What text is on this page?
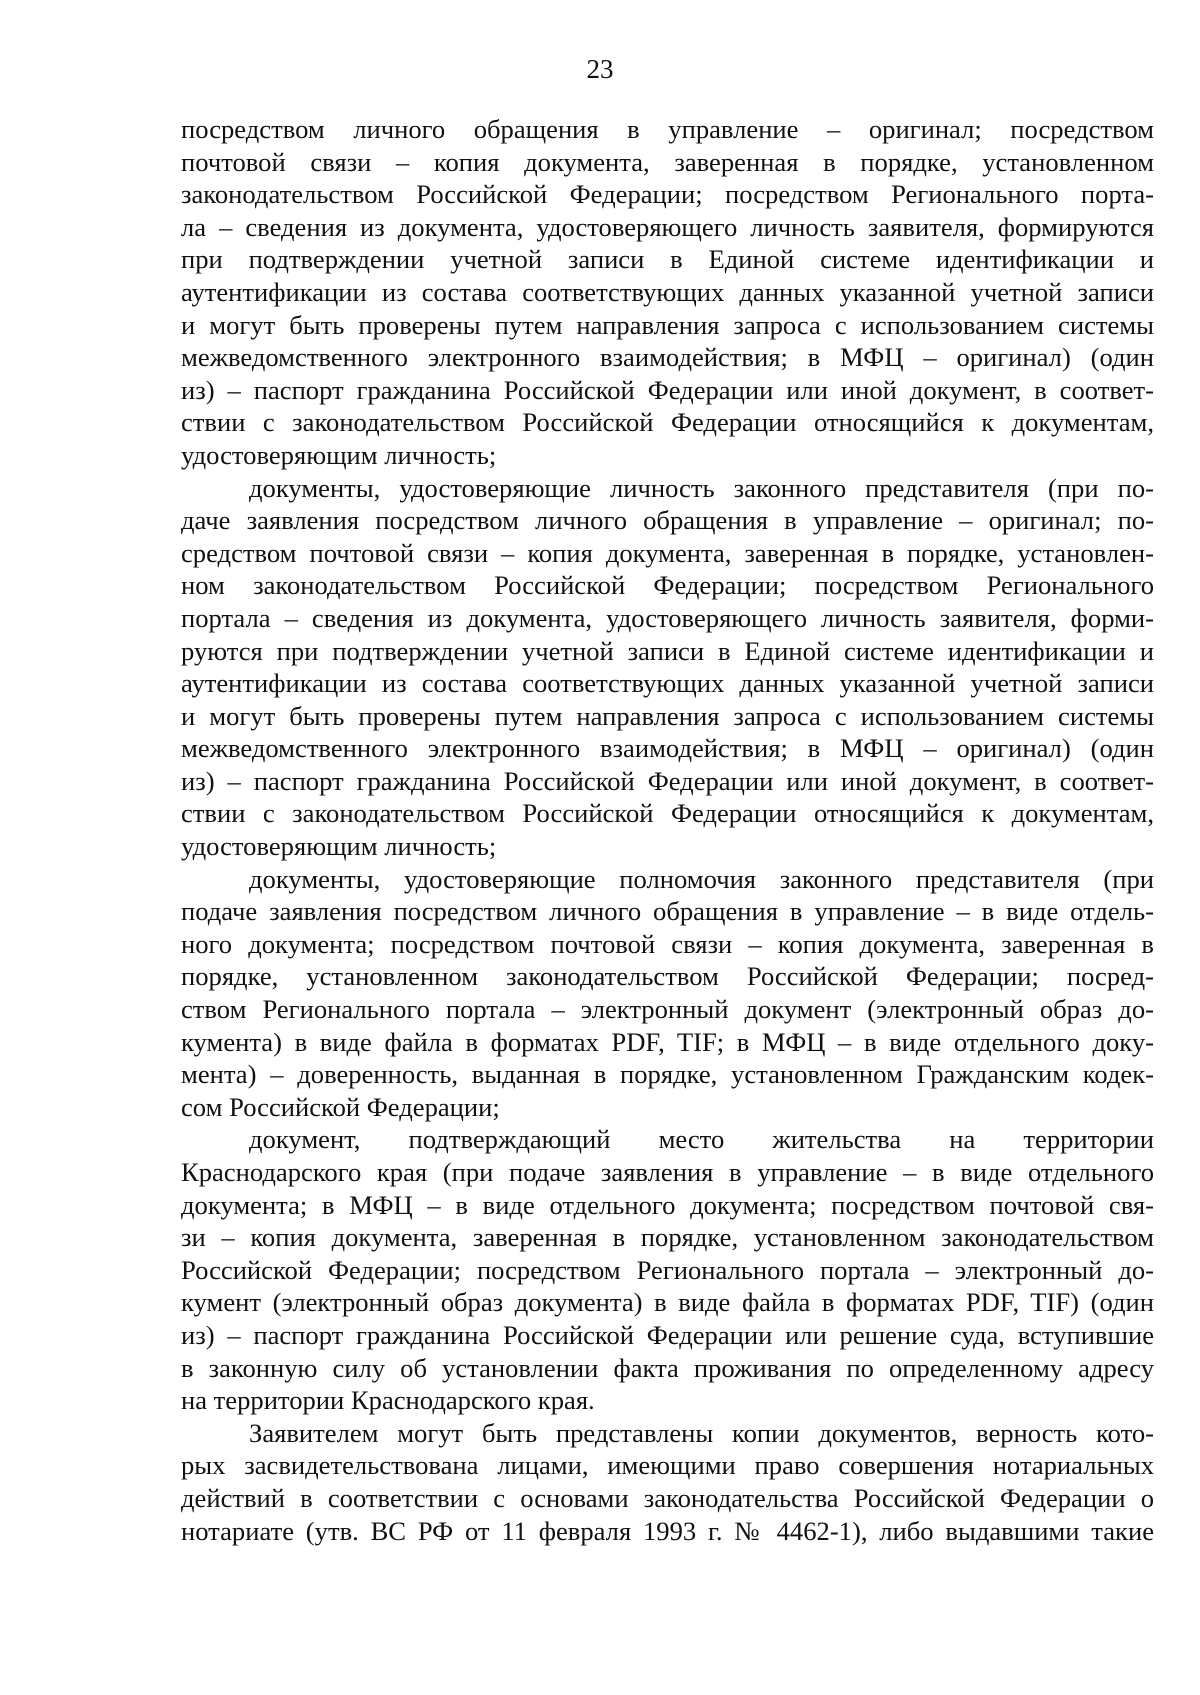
23
посредством личного обращения в управление – оригинал; посредством
почтовой связи – копия документа, заверенная в порядке, установленном
законодательством Российской Федерации; посредством Регионального порта-
ла – сведения из документа, удостоверяющего личность заявителя, формируются
при подтверждении учетной записи в Единой системе идентификации и
аутентификации из состава соответствующих данных указанной учетной записи
и могут быть проверены путем направления запроса с использованием системы
межведомственного электронного взаимодействия; в МФЦ – оригинал) (один
из) – паспорт гражданина Российской Федерации или иной документ, в соответ-
ствии с законодательством Российской Федерации относящийся к документам,
удостоверяющим личность;
документы, удостоверяющие личность законного представителя (при по-
даче заявления посредством личного обращения в управление – оригинал; по-
средством почтовой связи – копия документа, заверенная в порядке, установлен-
ном законодательством Российской Федерации; посредством Регионального
портала – сведения из документа, удостоверяющего личность заявителя, форми-
руются при подтверждении учетной записи в Единой системе идентификации и
аутентификации из состава соответствующих данных указанной учетной записи
и могут быть проверены путем направления запроса с использованием системы
межведомственного электронного взаимодействия; в МФЦ – оригинал) (один
из) – паспорт гражданина Российской Федерации или иной документ, в соответ-
ствии с законодательством Российской Федерации относящийся к документам,
удостоверяющим личность;
документы, удостоверяющие полномочия законного представителя (при
подаче заявления посредством личного обращения в управление – в виде отдель-
ного документа; посредством почтовой связи – копия документа, заверенная в
порядке, установленном законодательством Российской Федерации; посред-
ством Регионального портала – электронный документ (электронный образ до-
кумента) в виде файла в форматах PDF, TIF; в МФЦ – в виде отдельного доку-
мента) – доверенность, выданная в порядке, установленном Гражданским кодек-
сом Российской Федерации;
документ, подтверждающий место жительства на территории
Краснодарского края (при подаче заявления в управление – в виде отдельного
документа; в МФЦ – в виде отдельного документа; посредством почтовой свя-
зи – копия документа, заверенная в порядке, установленном законодательством
Российской Федерации; посредством Регионального портала – электронный до-
кумент (электронный образ документа) в виде файла в форматах PDF, TIF) (один
из) – паспорт гражданина Российской Федерации или решение суда, вступившие
в законную силу об установлении факта проживания по определенному адресу
на территории Краснодарского края.
Заявителем могут быть представлены копии документов, верность кото-
рых засвидетельствована лицами, имеющими право совершения нотариальных
действий в соответствии с основами законодательства Российской Федерации о
нотариате (утв. ВС РФ от 11 февраля 1993 г. № 4462-1), либо выдавшими такие
